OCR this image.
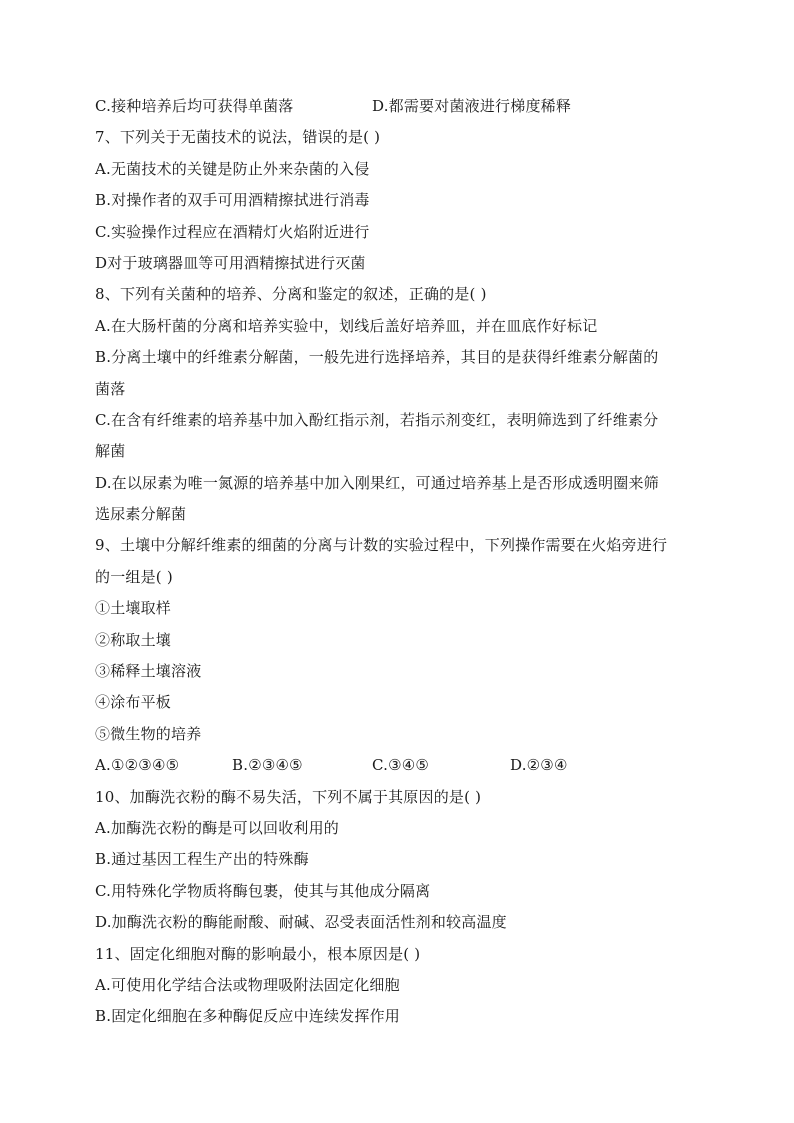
C.接种培养后均可获得单菌落	D.都需要对菌液进行梯度稀释
7、下列关于无菌技术的说法，错误的是( )
A.无菌技术的关键是防止外来杂菌的入侵
B.对操作者的双手可用酒精擦拭进行消毒
C.实验操作过程应在酒精灯火焰附近进行
D对于玻璃器皿等可用酒精擦拭进行灭菌
8、下列有关菌种的培养、分离和鉴定的叙述，正确的是( )
A.在大肠杆菌的分离和培养实验中，划线后盖好培养皿，并在皿底作好标记
B.分离土壤中的纤维素分解菌，一般先进行选择培养，其目的是获得纤维素分解菌的
菌落
C.在含有纤维素的培养基中加入酚红指示剂，若指示剂变红，表明筛选到了纤维素分
解菌
D.在以尿素为唯一氮源的培养基中加入刚果红，可通过培养基上是否形成透明圈来筛
选尿素分解菌
9、土壤中分解纤维素的细菌的分离与计数的实验过程中，下列操作需要在火焰旁进行
的一组是( )
①土壤取样
②称取土壤
③稀释土壤溶液
④涂布平板
⑤微生物的培养
A.①②③④⑤	B.②③④⑤	C.③④⑤	D.②③④
10、加酶洗衣粉的酶不易失活，下列不属于其原因的是( )
A.加酶洗衣粉的酶是可以回收利用的
B.通过基因工程生产出的特殊酶
C.用特殊化学物质将酶包裹，使其与其他成分隔离
D.加酶洗衣粉的酶能耐酸、耐碱、忍受表面活性剂和较高温度
11、固定化细胞对酶的影响最小，根本原因是( )
A.可使用化学结合法或物理吸附法固定化细胞
B.固定化细胞在多种酶促反应中连续发挥作用
